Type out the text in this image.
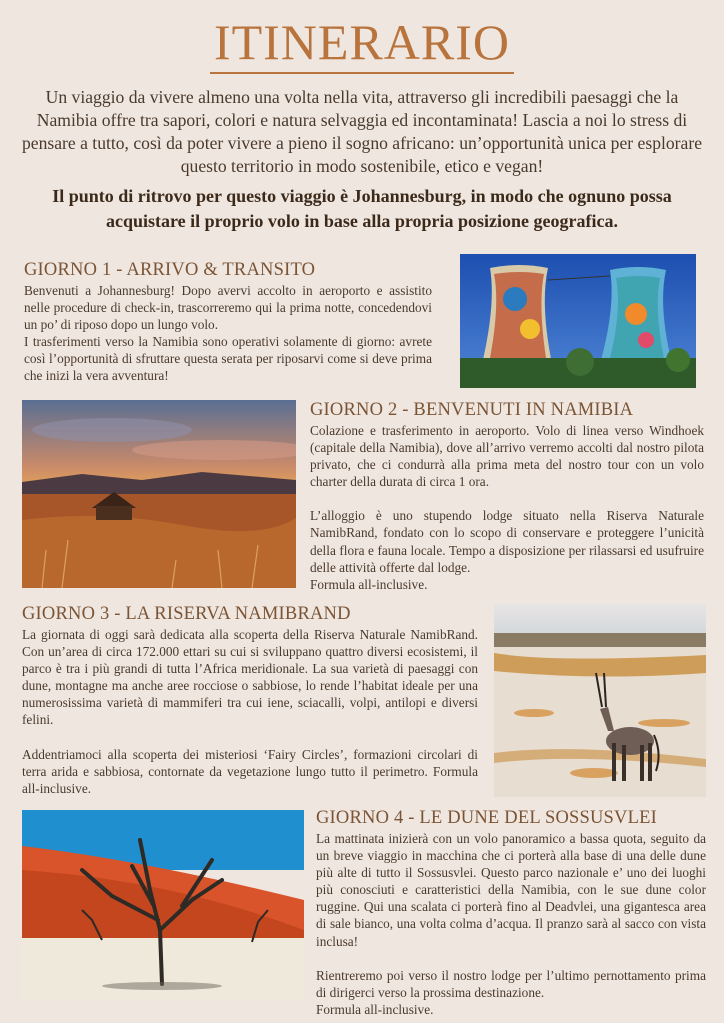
ITINERARIO
Un viaggio da vivere almeno una volta nella vita, attraverso gli incredibili paesaggi che la Namibia offre tra sapori, colori e natura selvaggia ed incontaminata! Lascia a noi lo stress di pensare a tutto, così da poter vivere a pieno il sogno africano: un’opportunità unica per esplorare questo territorio in modo sostenibile, etico e vegan!
Il punto di ritrovo per questo viaggio è Johannesburg, in modo che ognuno possa acquistare il proprio volo in base alla propria posizione geografica.
GIORNO 1 - ARRIVO & TRANSITO

Benvenuti a Johannesburg! Dopo avervi accolto in aeroporto e assistito nelle procedure di check-in, trascorreremo qui la prima notte, concedendovi un po’ di riposo dopo un lungo volo.

I trasferimenti verso la Namibia sono operativi solamente di giorno: avrete così l’opportunità di sfruttare questa serata per riposarvi come si deve prima che inizi la vera avventura!

GIORNO 2 - BENVENUTI IN NAMIBIA

Colazione e trasferimento in aeroporto. Volo di linea verso Windhoek (capitale della Namibia), dove all’arrivo verremo accolti dal nostro pilota privato, che ci condurrà alla prima meta del nostro tour con un volo charter della durata di circa 1 ora.

L’alloggio è uno stupendo lodge situato nella Riserva Naturale NamibRand, fondato con lo scopo di conservare e proteggere l’unicità della flora e fauna locale. Tempo a disposizione per rilassarsi ed usufruire delle attività offerte dal lodge.

Formula all-inclusive.

GIORNO 3 - LA RISERVA NAMIBRAND

La giornata di oggi sarà dedicata alla scoperta della Riserva Naturale NamibRand. Con un’area di circa 172.000 ettari su cui si sviluppano quattro diversi ecosistemi, il parco è tra i più grandi di tutta l’Africa meridionale. La sua varietà di paesaggi con dune, montagne ma anche aree rocciose o sabbiose, lo rende l’habitat ideale per una numerosissima varietà di mammiferi tra cui iene, sciacalli, volpi, antilopi e diversi felini.

Addentriamoci alla scoperta dei misteriosi ‘Fairy Circles’, formazioni circolari di terra arida e sabbiosa, contornate da vegetazione lungo tutto il perimetro. Formula all-inclusive.

GIORNO 4 - LE DUNE DEL SOSSUSVLEI

La mattinata inizierà con un volo panoramico a bassa quota, seguito da un breve viaggio in macchina che ci porterà alla base di una delle dune più alte di tutto il Sossusvlei. Questo parco nazionale e’ uno dei luoghi più conosciuti e caratteristici della Namibia, con le sue dune color ruggine. Qui una scalata ci porterà fino al Deadvlei, una gigantesca area di sale bianco, una volta colma d’acqua. Il pranzo sarà al sacco con vista inclusa!

Rientreremo poi verso il nostro lodge per l’ultimo pernottamento prima di dirigerci verso la prossima destinazione.

Formula all-inclusive.
